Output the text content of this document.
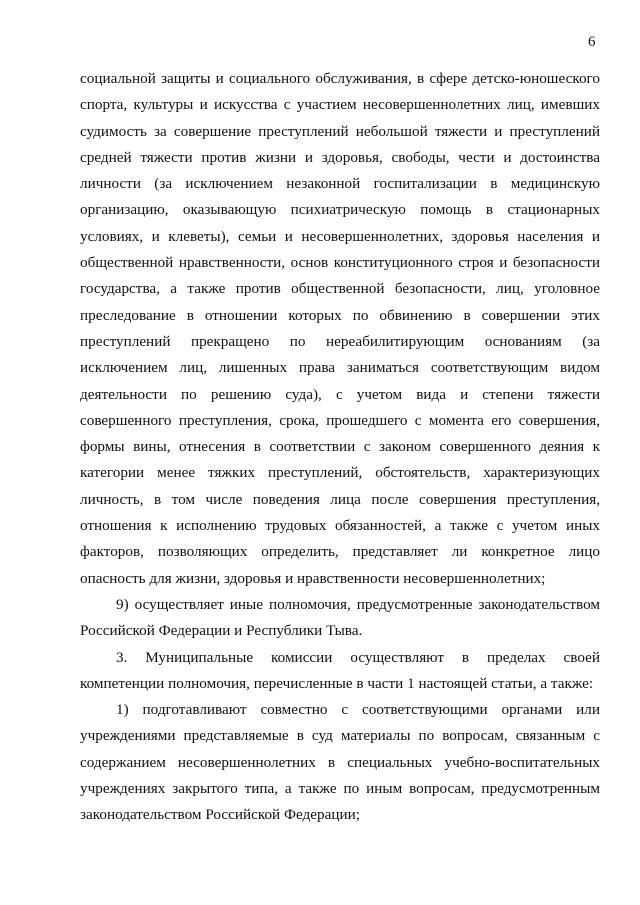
6
социальной защиты и социального обслуживания, в сфере детско-юношеского
спорта, культуры и искусства с участием несовершеннолетних лиц, имевших
судимость за совершение преступлений небольшой тяжести и преступлений
средней тяжести против жизни и здоровья, свободы, чести и достоинства
личности (за исключением незаконной госпитализации в медицинскую
организацию, оказывающую психиатрическую помощь в стационарных
условиях, и клеветы), семьи и несовершеннолетних, здоровья населения и
общественной нравственности, основ конституционного строя и безопасности
государства, а также против общественной безопасности, лиц, уголовное
преследование в отношении которых по обвинению в совершении этих
преступлений прекращено по нереабилитирующим основаниям (за
исключением лиц, лишенных права заниматься соответствующим видом
деятельности по решению суда), с учетом вида и степени тяжести
совершенного преступления, срока, прошедшего с момента его совершения,
формы вины, отнесения в соответствии с законом совершенного деяния к
категории менее тяжких преступлений, обстоятельств, характеризующих
личность, в том числе поведения лица после совершения преступления,
отношения к исполнению трудовых обязанностей, а также с учетом иных
факторов, позволяющих определить, представляет ли конкретное лицо
опасность для жизни, здоровья и нравственности несовершеннолетних;
9) осуществляет иные полномочия, предусмотренные законодательством
Российской Федерации и Республики Тыва.
3. Муниципальные комиссии осуществляют в пределах своей
компетенции полномочия, перечисленные в части 1 настоящей статьи, а также:
1) подготавливают совместно с соответствующими органами или
учреждениями представляемые в суд материалы по вопросам, связанным с
содержанием несовершеннолетних в специальных учебно-воспитательных
учреждениях закрытого типа, а также по иным вопросам, предусмотренным
законодательством Российской Федерации;
